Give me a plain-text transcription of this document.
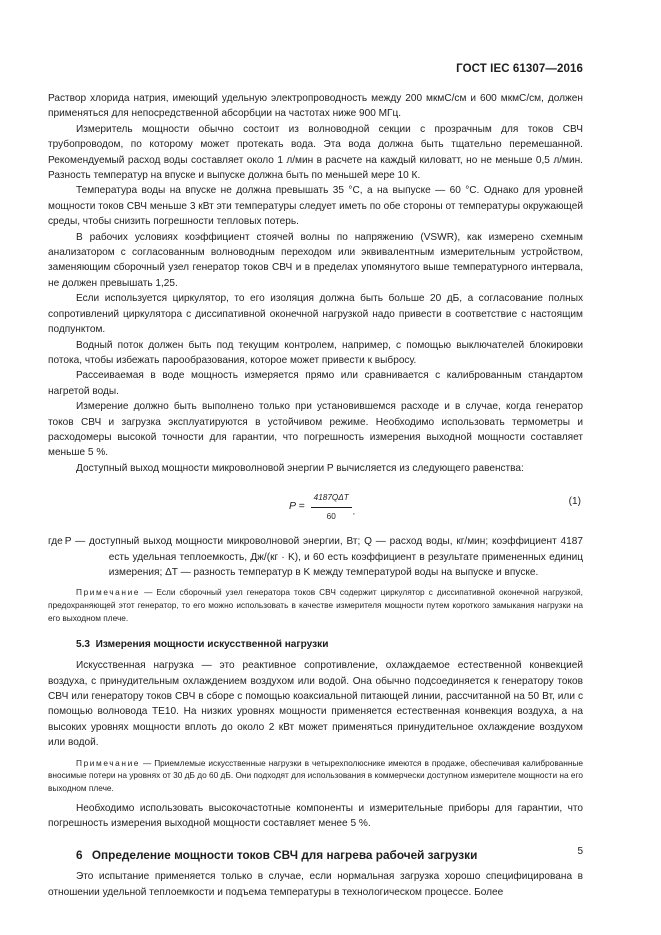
ГОСТ IEC 61307—2016

Раствор хлорида натрия, имеющий удельную электропроводность между 200 мкмС/см и 600 мкмС/см, должен применяться для непосредственной абсорбции на частотах ниже 900 МГц.

Измеритель мощности обычно состоит из волноводной секции с прозрачным для токов СВЧ трубопроводом, по которому может протекать вода. Эта вода должна быть тщательно перемешанной. Рекомендуемый расход воды составляет около 1 л/мин в расчете на каждый киловатт, но не меньше 0,5 л/мин. Разность температур на впуске и выпуске должна быть по меньшей мере 10 К.

Температура воды на впуске не должна превышать 35 °С, а на выпуске — 60 °С. Однако для уровней мощности токов СВЧ меньше 3 кВт эти температуры следует иметь по обе стороны от температуры окружающей среды, чтобы снизить погрешности тепловых потерь.

В рабочих условиях коэффициент стоячей волны по напряжению (VSWR), как измерено схемным анализатором с согласованным волноводным переходом или эквивалентным измерительным устройством, заменяющим сборочный узел генератор токов СВЧ и в пределах упомянутого выше температурного интервала, не должен превышать 1,25.

Если используется циркулятор, то его изоляция должна быть больше 20 дБ, а согласование полных сопротивлений циркулятора с диссипативной оконечной нагрузкой надо привести в соответствие с настоящим подпунктом.

Водный поток должен быть под текущим контролем, например, с помощью выключателей блокировки потока, чтобы избежать парообразования, которое может привести к выбросу.

Рассеиваемая в воде мощность измеряется прямо или сравнивается с калиброванным стандартом нагретой воды.

Измерение должно быть выполнено только при установившемся расходе и в случае, когда генератор токов СВЧ и загрузка эксплуатируются в устойчивом режиме. Необходимо использовать термометры и расходомеры высокой точности для гарантии, что погрешность измерения выходной мощности составляет меньше 5 %.

Доступный выход мощности микроволновой энергии P вычисляется из следующего равенства:

$P = \frac{\text{4187QΔT}}{60}$ ,
(1)
где P — доступный выход мощности микроволновой энергии, Вт; Q — расход воды, кг/мин; коэффициент 4187 есть удельная теплоемкость, Дж/(кг · K), и 60 есть коэффициент в результате примененных единиц измерения; ΔT — разность температур в K между температурой воды на выпуске и впуске.

Примечание — Если сборочный узел генератора токов СВЧ содержит циркулятор с диссипативной оконечной нагрузкой, предохраняющей этот генератор, то его можно использовать в качестве измерителя мощности путем короткого замыкания нагрузки на его выходном плече.

5.3 Измерения мощности искусственной нагрузки

Искусственная нагрузка — это реактивное сопротивление, охлаждаемое естественной конвекцией воздуха, с принудительным охлаждением воздухом или водой. Она обычно подсоединяется к генератору токов СВЧ или генератору токов СВЧ в сборе с помощью коаксиальной питающей линии, рассчитанной на 50 Вт, или с помощью волновода ТЕ10. На низких уровнях мощности применяется естественная конвекция воздуха, а на высоких уровнях мощности вплоть до около 2 кВт может применяться принудительное охлаждение воздухом или водой.

Примечание — Приемлемые искусственные нагрузки в четырехполюснике имеются в продаже, обеспечивая калиброванные вносимые потери на уровнях от 30 дБ до 60 дБ. Они подходят для использования в коммерчески доступном измерителе мощности на его выходном плече.

Необходимо использовать высокочастотные компоненты и измерительные приборы для гарантии, что погрешность измерения выходной мощности составляет менее 5 %.

6 Определение мощности токов СВЧ для нагрева рабочей загрузки

Это испытание применяется только в случае, если нормальная загрузка хорошо специфицирована в отношении удельной теплоемкости и подъема температуры в технологическом процессе. Более

5
